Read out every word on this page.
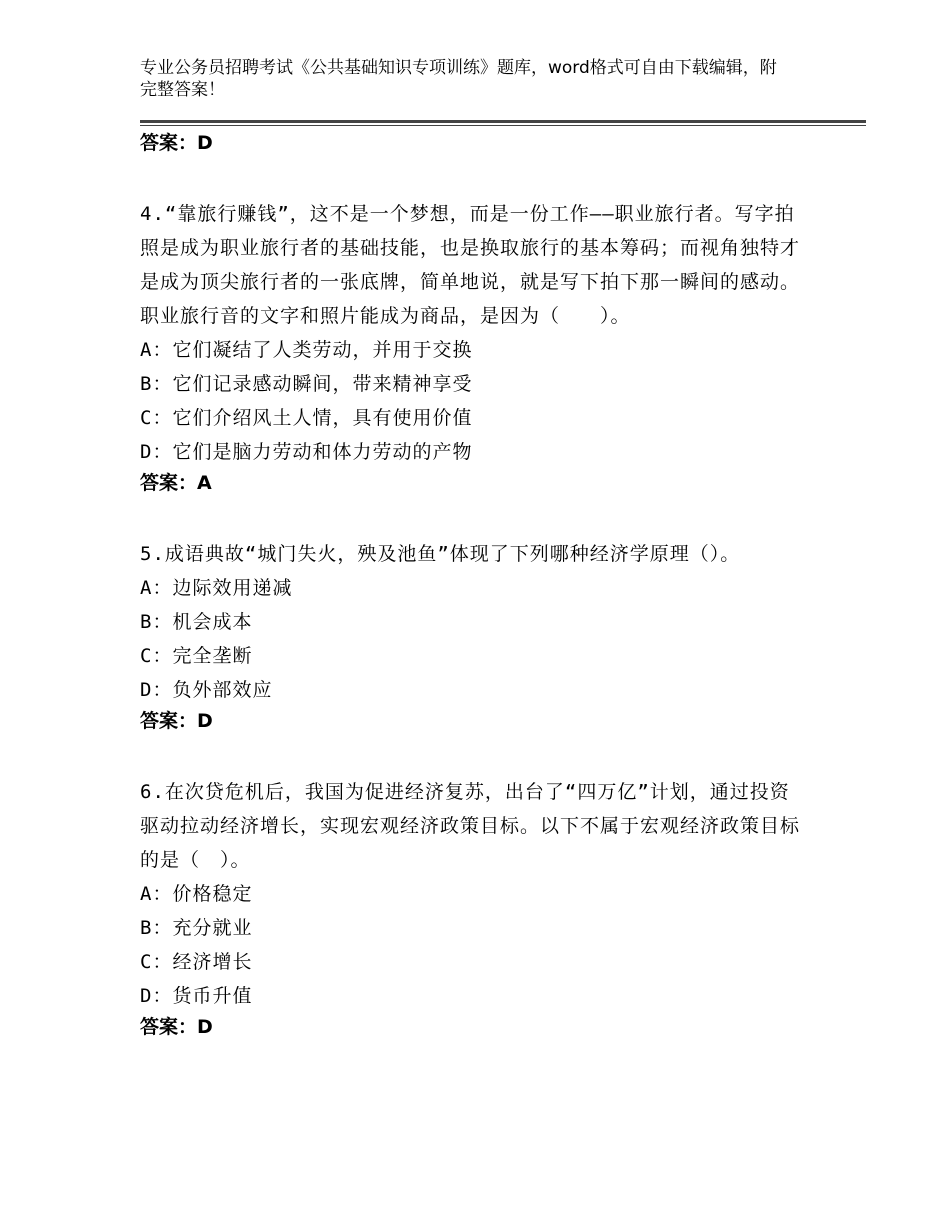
专业公务员招聘考试《公共基础知识专项训练》题库，word格式可自由下载编辑，附完整答案！
答案：D
4.“靠旅行赚钱”，这不是一个梦想，而是一份工作——职业旅行者。写字拍照是成为职业旅行者的基础技能，也是换取旅行的基本筹码；而视角独特才是成为顶尖旅行者的一张底牌，简单地说，就是写下拍下那一瞬间的感动。职业旅行音的文字和照片能成为商品，是因为（　　）。
A：它们凝结了人类劳动，并用于交换
B：它们记录感动瞬间，带来精神享受
C：它们介绍风土人情，具有使用价值
D：它们是脑力劳动和体力劳动的产物
答案：A
5.成语典故“城门失火，殃及池鱼”体现了下列哪种经济学原理（）。
A：边际效用递减
B：机会成本
C：完全垄断
D：负外部效应
答案：D
6.在次贷危机后，我国为促进经济复苏，出台了“四万亿”计划，通过投资驱动拉动经济增长，实现宏观经济政策目标。以下不属于宏观经济政策目标的是（　）。
A：价格稳定
B：充分就业
C：经济增长
D：货币升值
答案：D
